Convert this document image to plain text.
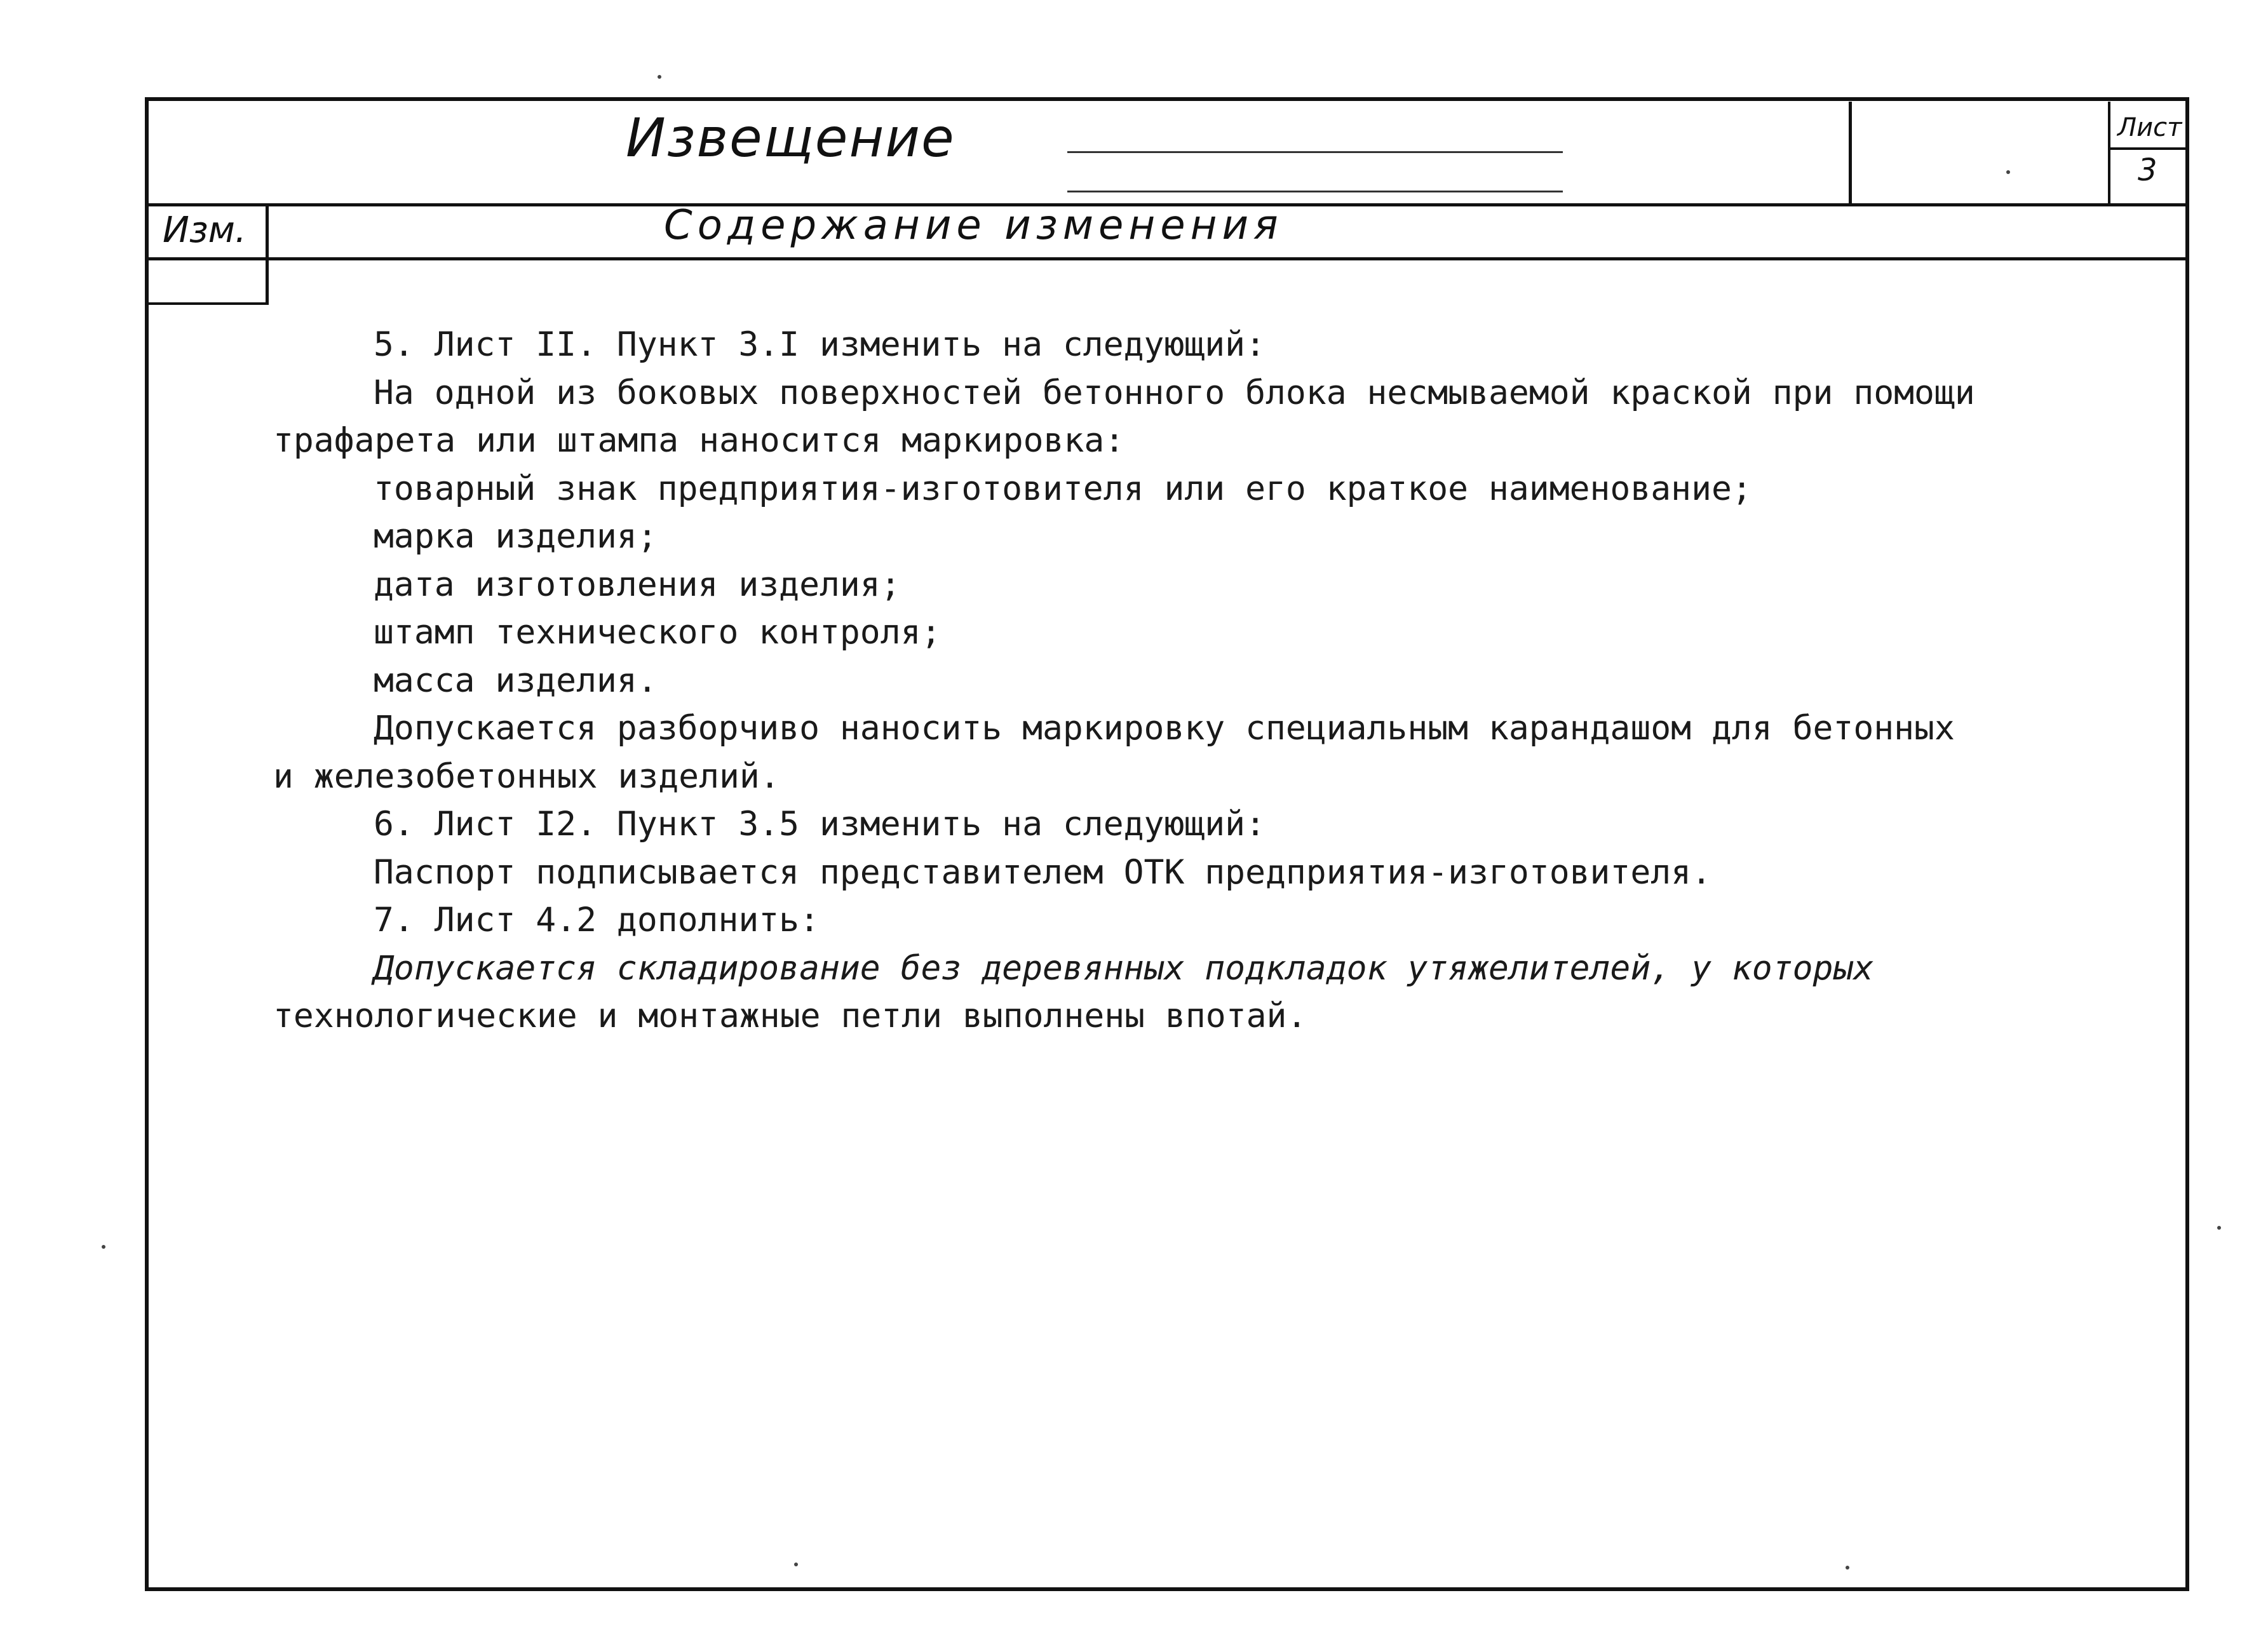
Извещение	Лист
3
Изм.	Содержание изменения

5. Лист II. Пункт 3.I изменить на следующий:

На одной из боковых поверхностей бетонного блока несмываемой краской при помощи

трафарета или штампа наносится маркировка:

товарный знак предприятия-изготовителя или его краткое наименование;

марка изделия;

дата изготовления изделия;

штамп технического контроля;

масса изделия.

Допускается разборчиво наносить маркировку специальным карандашом для бетонных

и железобетонных изделий.

6. Лист I2. Пункт 3.5 изменить на следующий:

Паспорт подписывается представителем ОТК предприятия-изготовителя.

7. Лист 4.2 дополнить:

Допускается складирование без деревянных подкладок утяжелителей, у которых

технологические и монтажные петли выполнены впотай.
